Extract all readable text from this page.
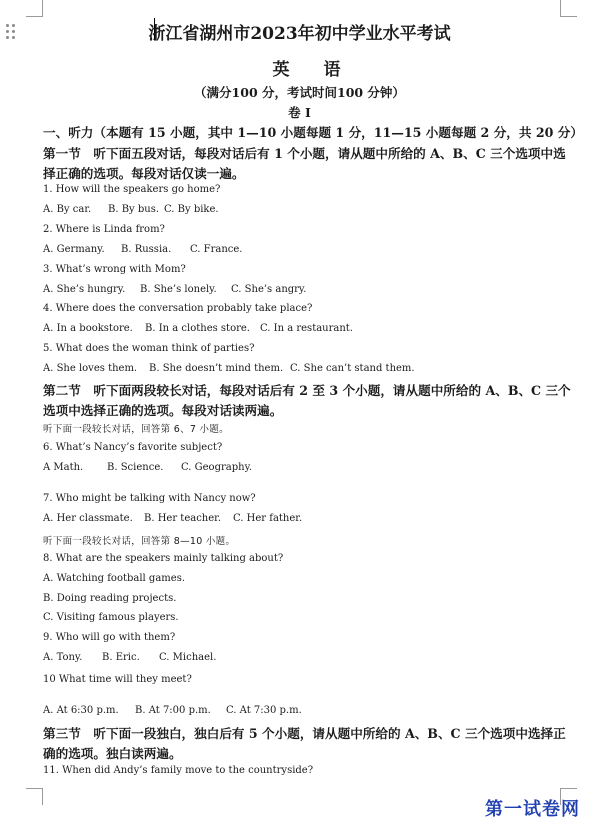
浙江省湖州市2023年初中学业水平考试
英 语
（满分100 分，考试时间100 分钟）
卷 I
一、听力（本题有 15 小题，其中 1—10 小题每题 1 分，11—15 小题每题 2 分，共 20 分）
第一节　听下面五段对话，每段对话后有 1 个小题，请从题中所给的 A、B、C 三个选项中选
择正确的选项。每段对话仅读一遍。
1. How will the speakers go home?
A. By car. B. By bus. C. By bike.
2. Where is Linda from?
A. Germany. B. Russia. C. France.
3. What’s wrong with Mom?
A. She’s hungry. B. She’s lonely. C. She’s angry.
4. Where does the conversation probably take place?
A. In a bookstore. B. In a clothes store. C. In a restaurant.
5. What does the woman think of parties?
A. She loves them. B. She doesn’t mind them. C. She can’t stand them.
第二节　听下面两段较长对话，每段对话后有 2 至 3 个小题，请从题中所给的 A、B、C 三个
选项中选择正确的选项。每段对话读两遍。
听下面一段较长对话，回答第 6、7 小题。
6. What’s Nancy’s favorite subject?
A Math. B. Science. C. Geography.
7. Who might be talking with Nancy now?
A. Her classmate. B. Her teacher. C. Her father.
听下面一段较长对话，回答第 8—10 小题。
8. What are the speakers mainly talking about?
A. Watching football games.
B. Doing reading projects.
C. Visiting famous players.
9. Who will go with them?
A. Tony. B. Eric. C. Michael.
10 What time will they meet?
A. At 6:30 p.m. B. At 7:00 p.m. C. At 7:30 p.m.
第三节　听下面一段独白，独白后有 5 个小题，请从题中所给的 A、B、C 三个选项中选择正
确的选项。独白读两遍。
11. When did Andy’s family move to the countryside?
第一试卷网
